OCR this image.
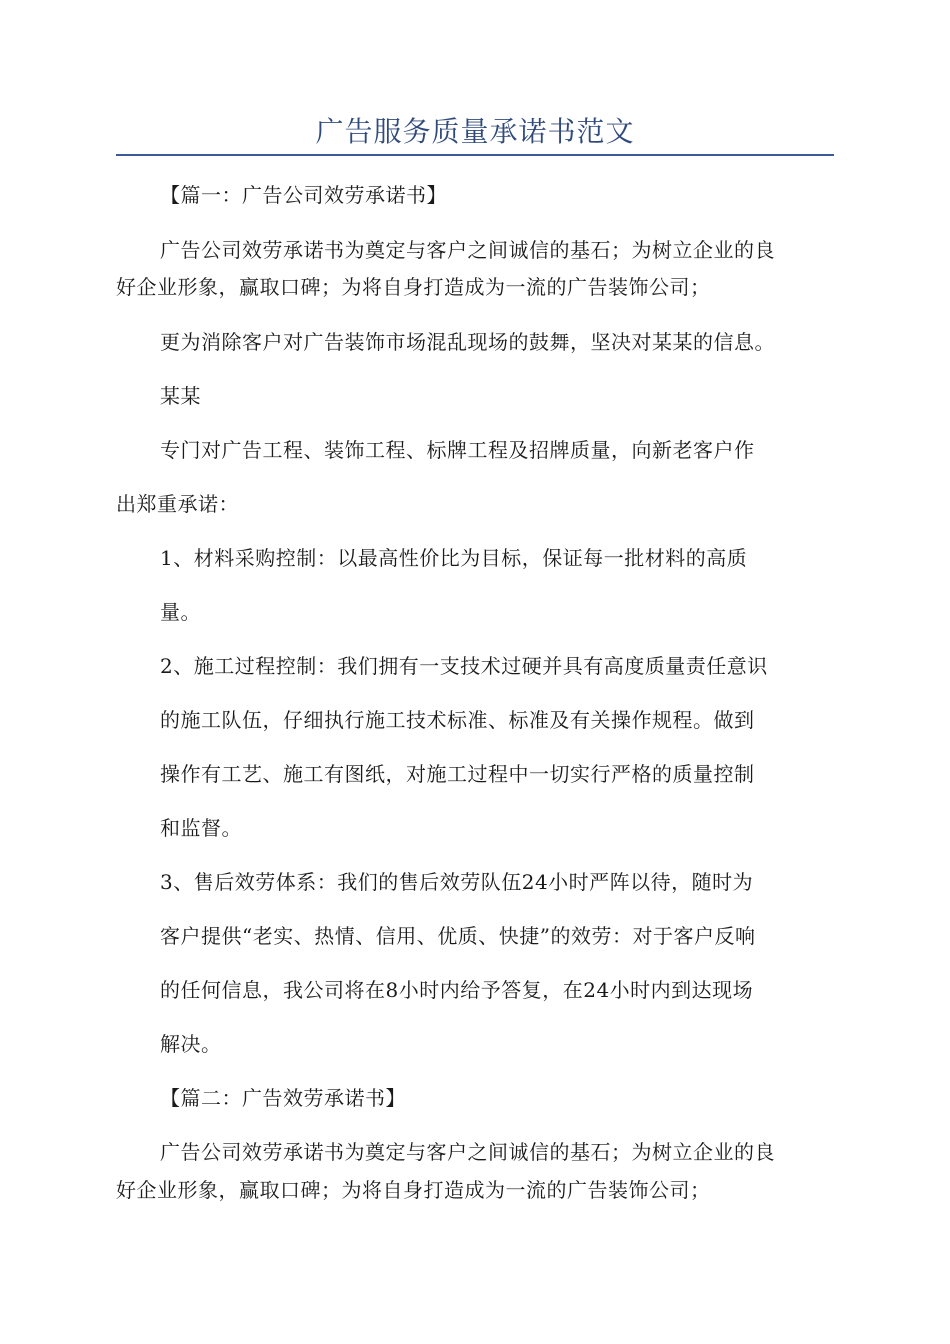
广告服务质量承诺书范文
【篇一：广告公司效劳承诺书】
广告公司效劳承诺书为奠定与客户之间诚信的基石；为树立企业的良
好企业形象，赢取口碑；为将自身打造成为一流的广告装饰公司；
更为消除客户对广告装饰市场混乱现场的鼓舞，坚决对某某的信息。
某某
专门对广告工程、装饰工程、标牌工程及招牌质量，向新老客户作
出郑重承诺：
1、材料采购控制：以最高性价比为目标，保证每一批材料的高质
量。
2、施工过程控制：我们拥有一支技术过硬并具有高度质量责任意识
的施工队伍，仔细执行施工技术标准、标准及有关操作规程。做到
操作有工艺、施工有图纸，对施工过程中一切实行严格的质量控制
和监督。
3、售后效劳体系：我们的售后效劳队伍24小时严阵以待，随时为
客户提供“老实、热情、信用、优质、快捷”的效劳：对于客户反响
的任何信息，我公司将在8小时内给予答复，在24小时内到达现场
解决。
【篇二：广告效劳承诺书】
广告公司效劳承诺书为奠定与客户之间诚信的基石；为树立企业的良
好企业形象，赢取口碑；为将自身打造成为一流的广告装饰公司；
